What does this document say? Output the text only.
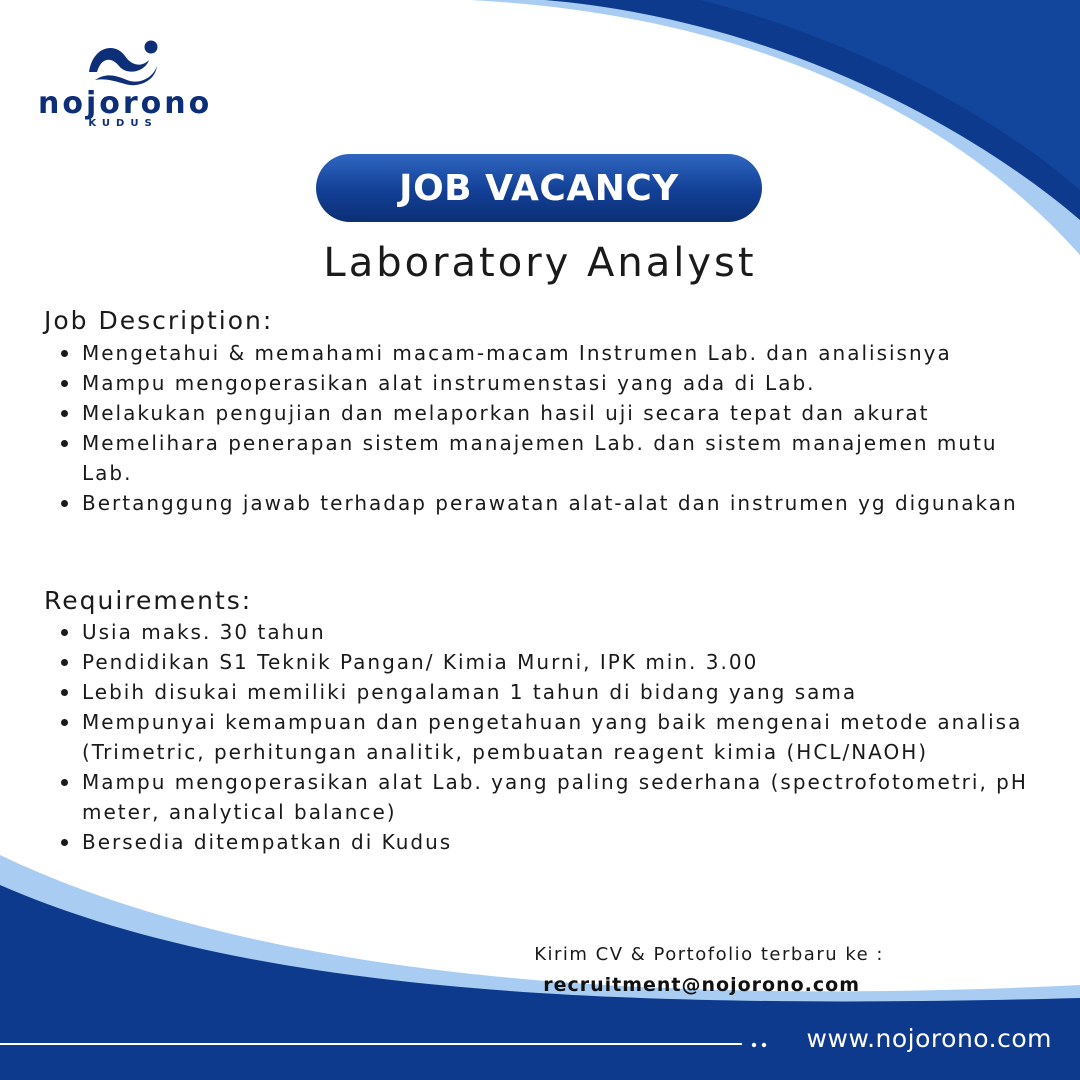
nojorono
KUDUS
JOB VACANCY
Laboratory Analyst
Job Description:
Mengetahui & memahami macam-macam Instrumen Lab. dan analisisnya
Mampu mengoperasikan alat instrumenstasi yang ada di Lab.
Melakukan pengujian dan melaporkan hasil uji secara tepat dan akurat
Memelihara penerapan sistem manajemen Lab. dan sistem manajemen mutu Lab.
Bertanggung jawab terhadap perawatan alat-alat dan instrumen yg digunakan
Requirements:
Usia maks. 30 tahun
Pendidikan S1 Teknik Pangan/ Kimia Murni, IPK min. 3.00
Lebih disukai memiliki pengalaman 1 tahun di bidang yang sama
Mempunyai kemampuan dan pengetahuan yang baik mengenai metode analisa (Trimetric, perhitungan analitik, pembuatan reagent kimia (HCL/NAOH)
Mampu mengoperasikan alat Lab. yang paling sederhana (spectrofotometri, pH meter, analytical balance)
Bersedia ditempatkan di Kudus
Kirim CV & Portofolio terbaru ke :
recruitment@nojorono.com
www.nojorono.com
